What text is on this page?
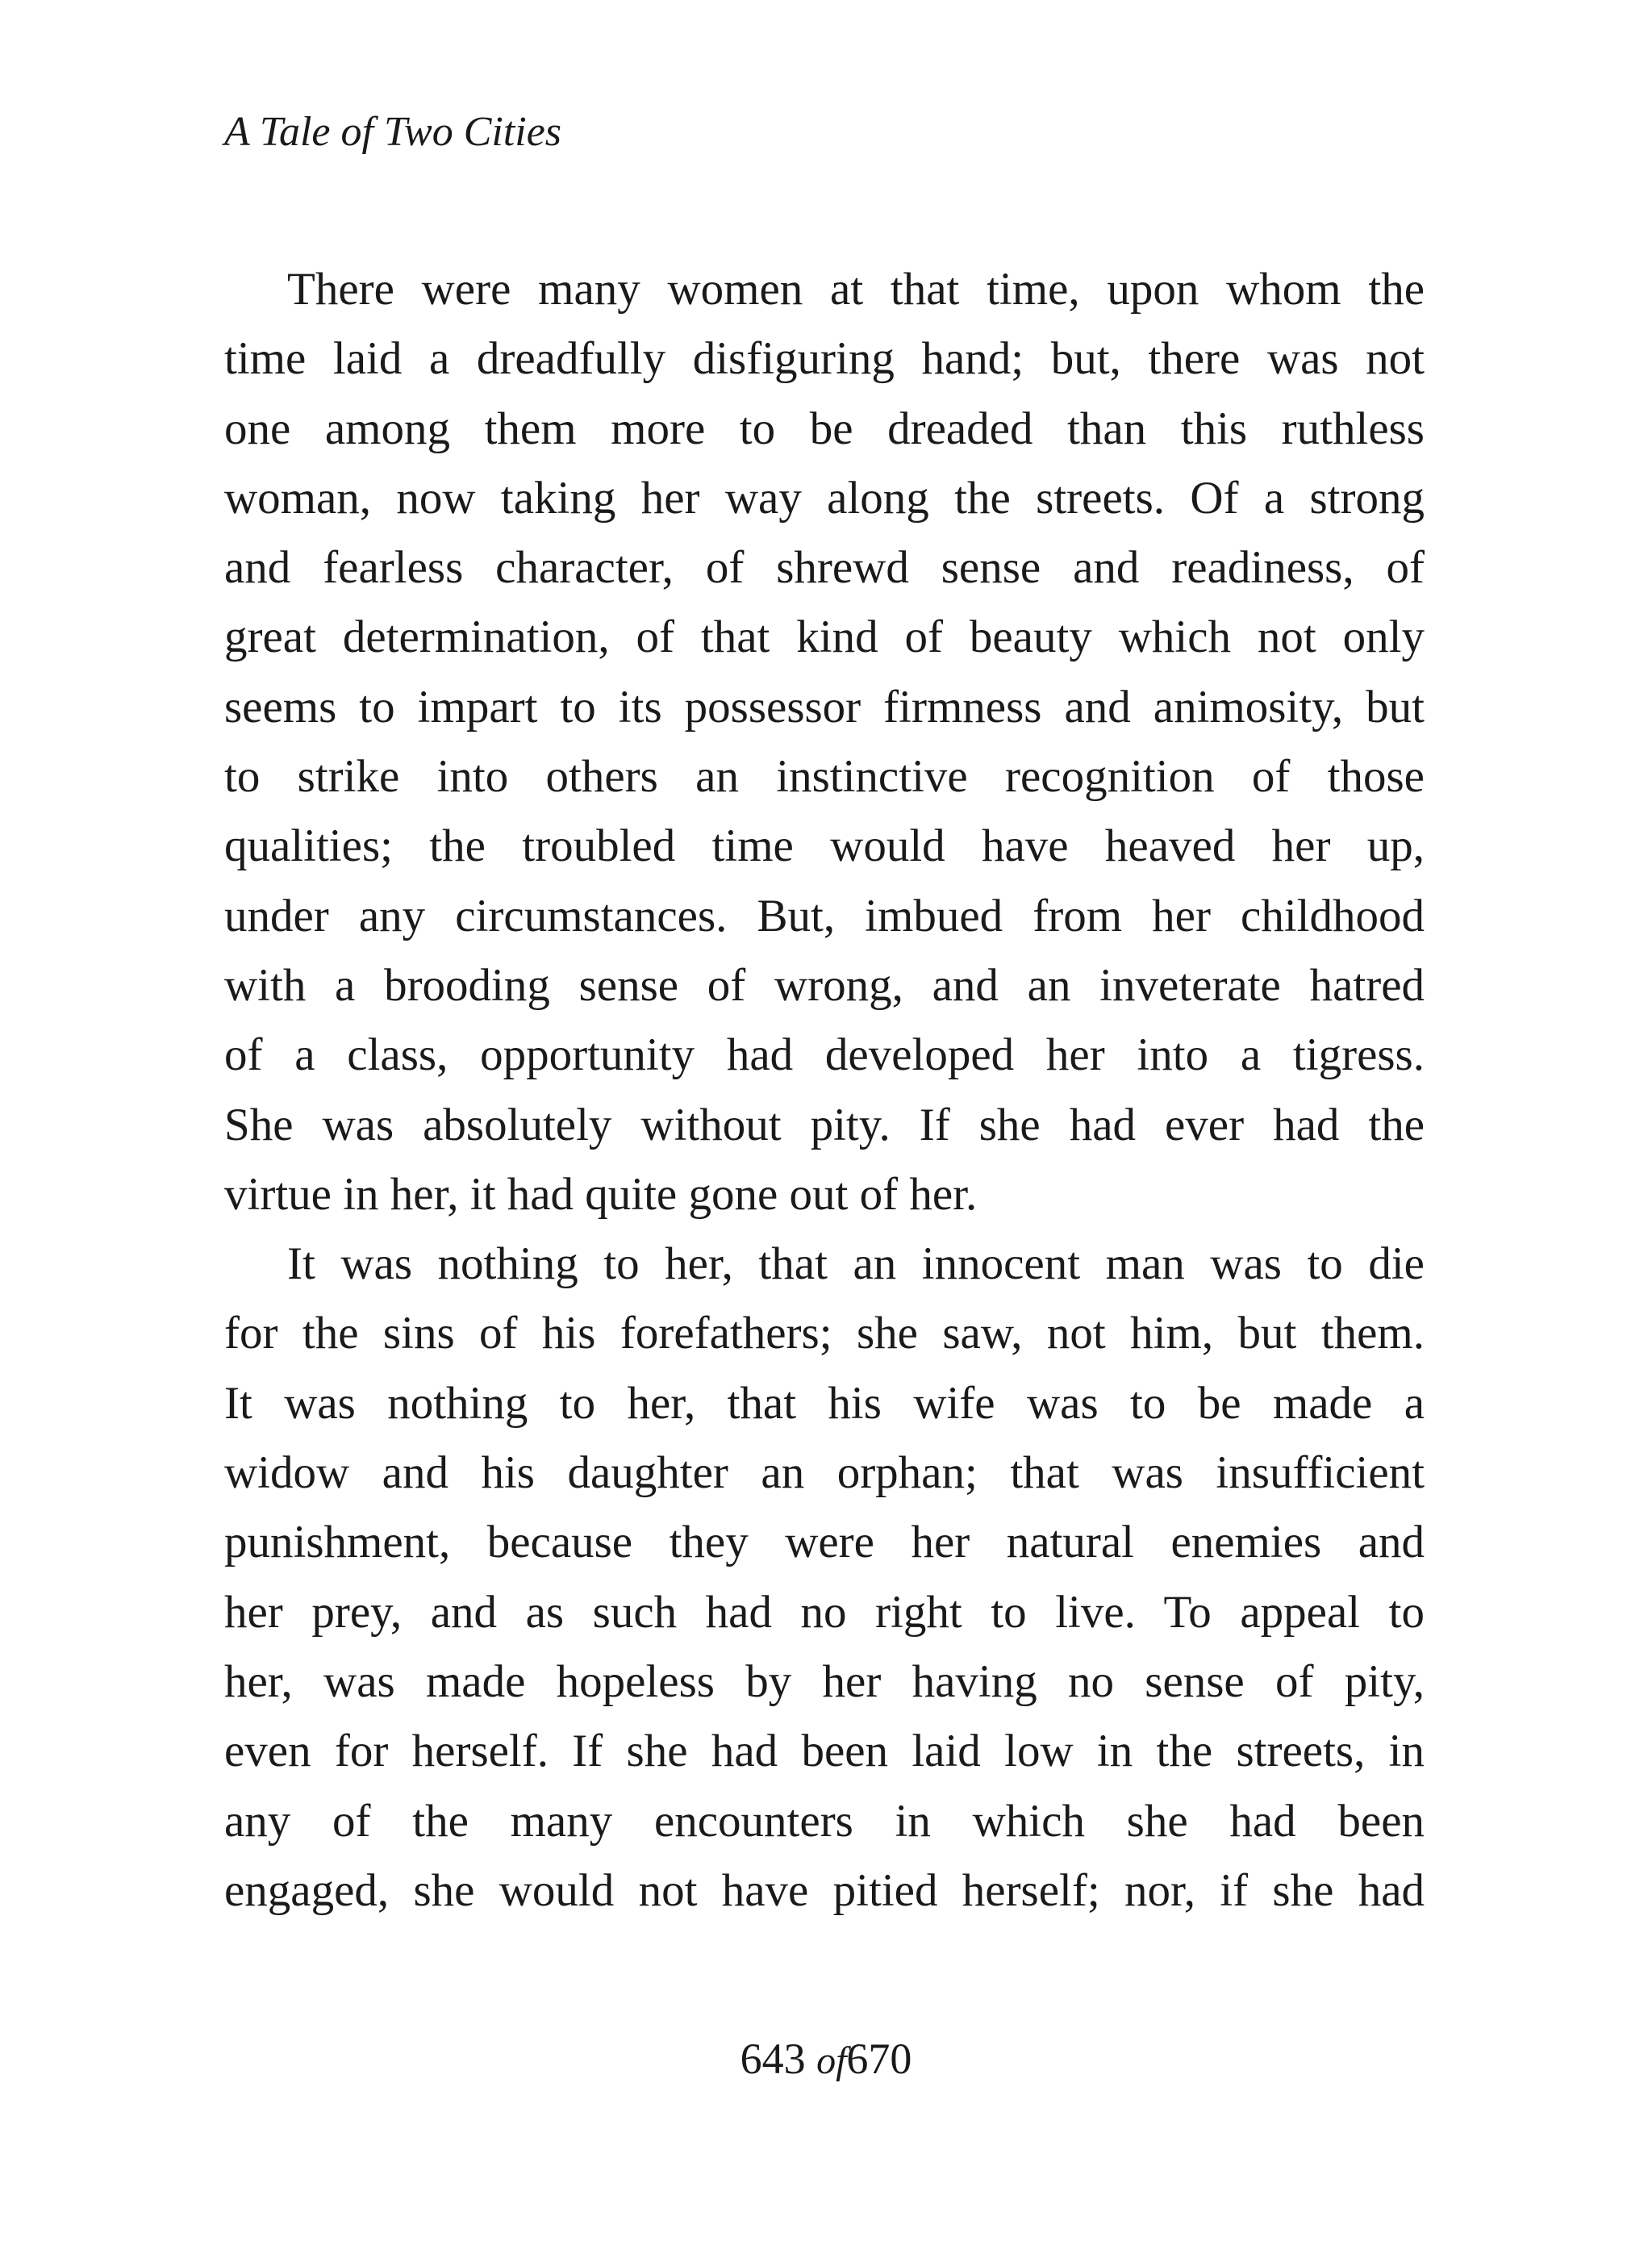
A Tale of Two Cities
There were many women at that time, upon whom the
time laid a dreadfully disfiguring hand; but, there was not
one among them more to be dreaded than this ruthless
woman, now taking her way along the streets. Of a strong
and fearless character, of shrewd sense and readiness, of
great determination, of that kind of beauty which not only
seems to impart to its possessor firmness and animosity, but
to strike into others an instinctive recognition of those
qualities; the troubled time would have heaved her up,
under any circumstances. But, imbued from her childhood
with a brooding sense of wrong, and an inveterate hatred
of a class, opportunity had developed her into a tigress.
She was absolutely without pity. If she had ever had the
virtue in her, it had quite gone out of her.
It was nothing to her, that an innocent man was to die
for the sins of his forefathers; she saw, not him, but them.
It was nothing to her, that his wife was to be made a
widow and his daughter an orphan; that was insufficient
punishment, because they were her natural enemies and
her prey, and as such had no right to live. To appeal to
her, was made hopeless by her having no sense of pity,
even for herself. If she had been laid low in the streets, in
any of the many encounters in which she had been
engaged, she would not have pitied herself; nor, if she had
643 of670
